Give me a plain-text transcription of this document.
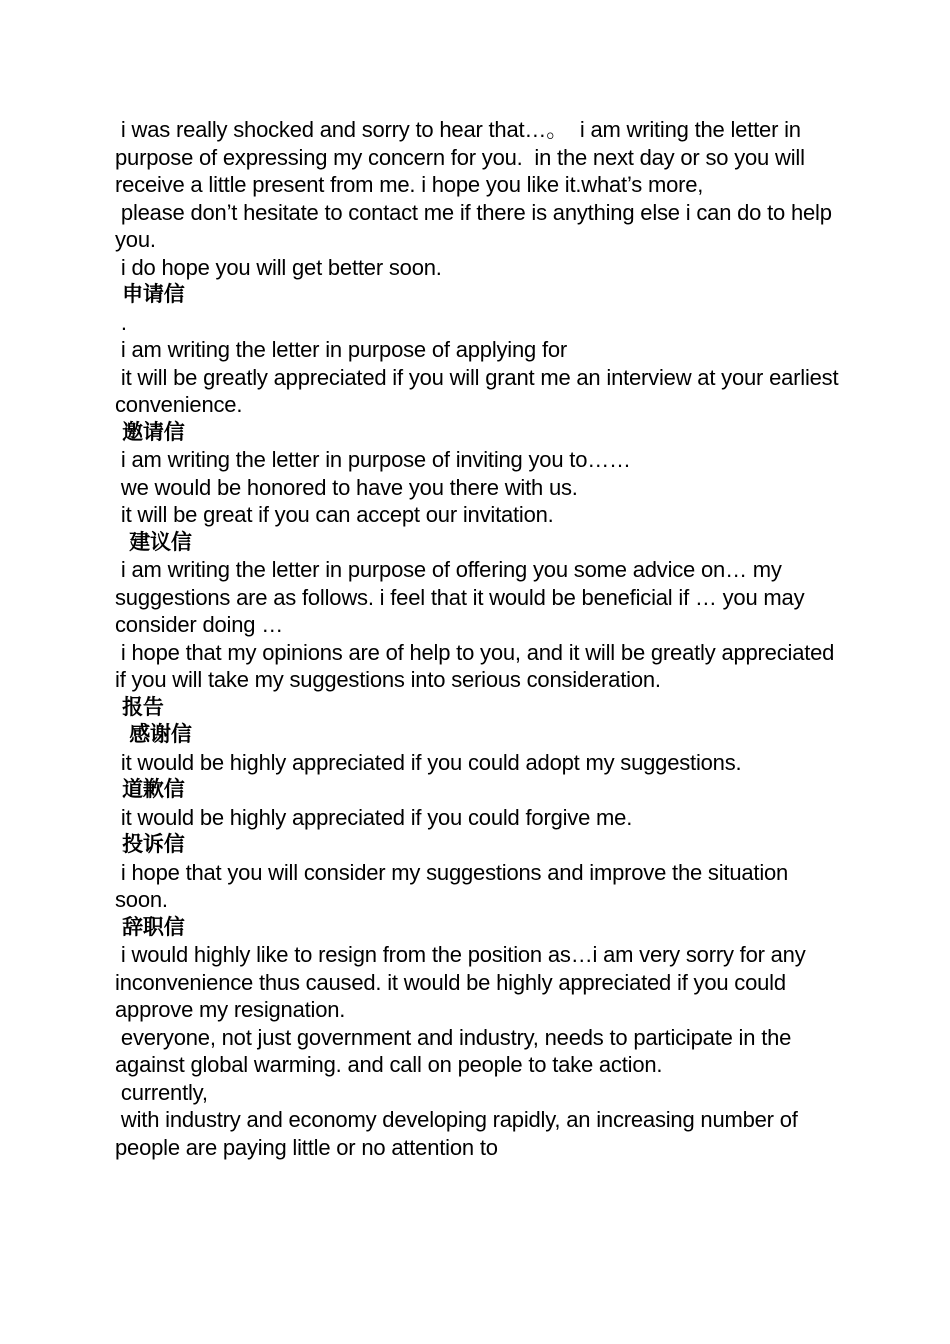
i was really shocked and sorry to hear that…。  i am writing the letter in purpose of expressing my concern for you.  in the next day or so you will receive a little present from me. i hope you like it.what’s more,

please don’t hesitate to contact me if there is anything else i can do to help you.

i do hope you will get better soon.

申请信

.

i am writing the letter in purpose of applying for

it will be greatly appreciated if you will grant me an interview at your earliest convenience.

邀请信

i am writing the letter in purpose of inviting you to……

we would be honored to have you there with us.

it will be great if you can accept our invitation.

建议信

i am writing the letter in purpose of offering you some advice on… my suggestions are as follows. i feel that it would be beneficial if … you may consider doing …

i hope that my opinions are of help to you, and it will be greatly appreciated if you will take my suggestions into serious consideration.

报告

感谢信

it would be highly appreciated if you could adopt my suggestions.

道歉信

it would be highly appreciated if you could forgive me.

投诉信

i hope that you will consider my suggestions and improve the situation soon.

辞职信

i would highly like to resign from the position as…i am very sorry for any inconvenience thus caused. it would be highly appreciated if you could approve my resignation.

everyone, not just government and industry, needs to participate in the  against global warming. and call on people to take action.

currently,

with industry and economy developing rapidly, an increasing number of people are paying little or no attention to
